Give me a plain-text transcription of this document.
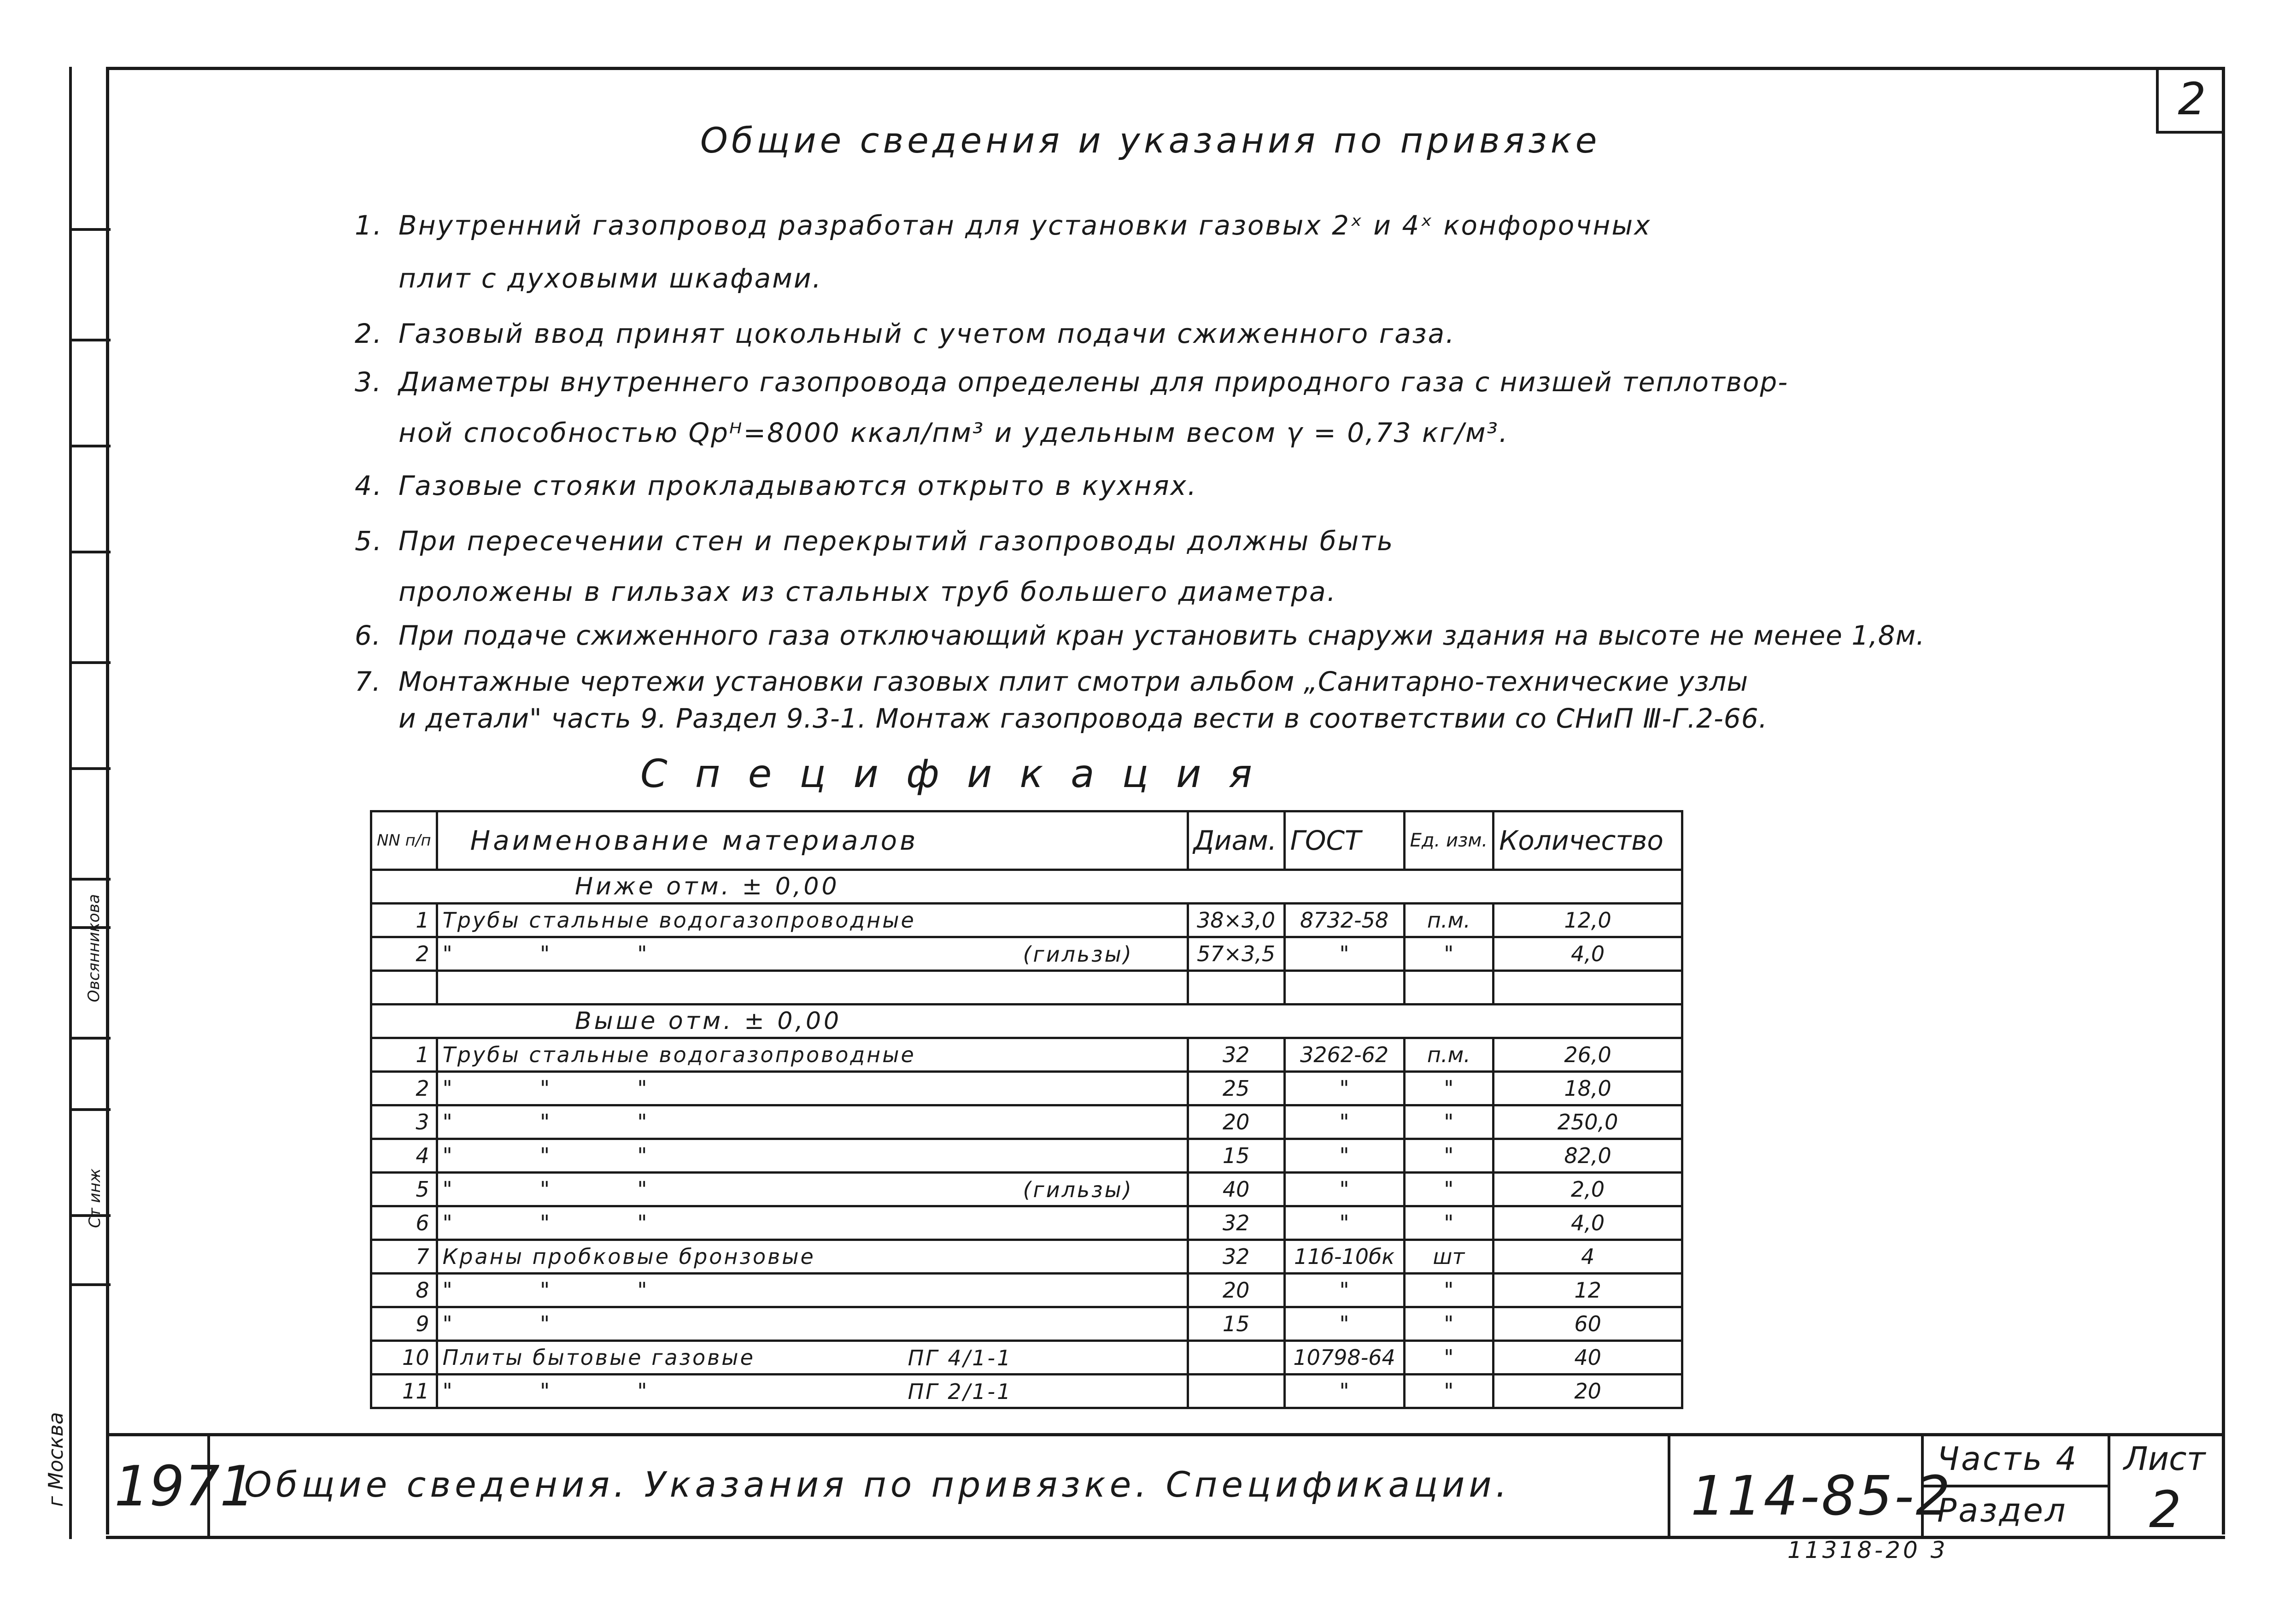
Овсянникова
Ст инж
г Москва
2
Общие сведения и указания по привязке
1. Внутренний газопровод разработан для установки газовых 2ˣ и 4ˣ конфорочных
плит с духовыми шкафами.
2. Газовый ввод принят цокольный с учетом подачи сжиженного газа.
3. Диаметры внутреннего газопровода определены для природного газа с низшей теплотвор-
ной способностью Qрᴴ=8000 ккал/пм³ и удельным весом γ = 0,73 кг/м³.
4. Газовые стояки прокладываются открыто в кухнях.
5. При пересечении стен и перекрытий газопроводы должны быть
проложены в гильзах из стальных труб большего диаметра.
6. При подаче сжиженного газа отключающий кран установить снаружи здания на высоте не менее 1,8м.
7. Монтажные чертежи установки газовых плит смотри альбом „Санитарно-технические узлы
и детали" часть 9. Раздел 9.3-1. Монтаж газопровода вести в соответствии со СНиП Ⅲ-Г.2-66.
Спецификация
NN п/п	Наименование материалов	Диам.	ГОСТ	Ед. изм.	Количество
Ниже отм. ± 0,00					
1	Трубы стальные водогазопроводные	38×3,0	8732-58	п.м.	12,0
2	"          "          " (гильзы)	57×3,5	"	"	4,0

Выше отм. ± 0,00					
1	Трубы стальные водогазопроводные	32	3262-62	п.м.	26,0
2	"          "          "	25	"	"	18,0
3	"          "          "	20	"	"	250,0
4	"          "          "	15	"	"	82,0
5	"          "          " (гильзы)	40	"	"	2,0
6	"          "          "	32	"	"	4,0
7	Краны пробковые бронзовые	32	11б-10бк	шт	4
8	"          "          "	20	"	"	12
9	"          "	15	"	"	60
10	Плиты бытовые газовые ПГ 4/1-1		10798-64	"	40
11	"          "          " ПГ 2/1-1		"	"	20
1971
Общие сведения. Указания по привязке. Спецификации.	114-85-2
Часть 4
Раздел
Лист
2
11318-20 3
